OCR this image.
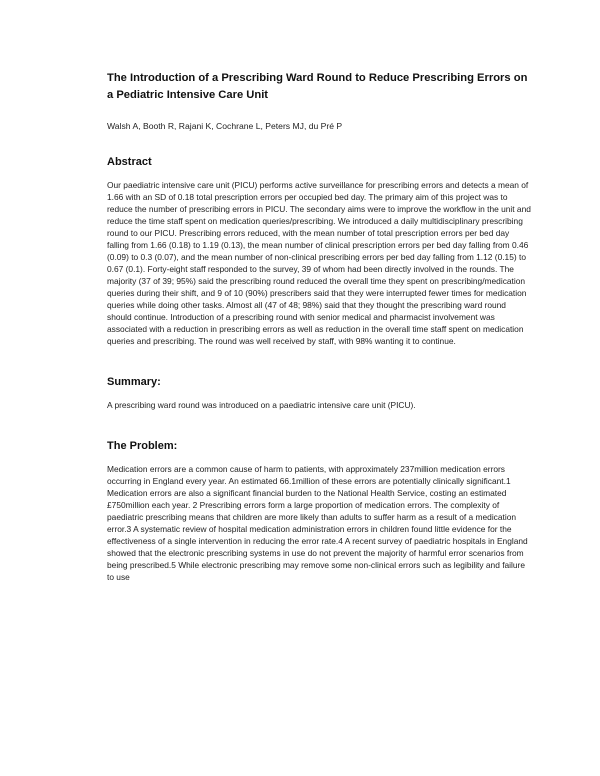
The Introduction of a Prescribing Ward Round to Reduce Prescribing Errors on a Pediatric Intensive Care Unit
Walsh A, Booth R, Rajani K, Cochrane L, Peters MJ, du Pré P
Abstract

Our paediatric intensive care unit (PICU) performs active surveillance for prescribing errors and detects a mean of 1.66 with an SD of 0.18 total prescription errors per occupied bed day. The primary aim of this project was to reduce the number of prescribing errors in PICU. The secondary aims were to improve the workflow in the unit and reduce the time staff spent on medication queries/prescribing. We introduced a daily multidisciplinary prescribing round to our PICU. Prescribing errors reduced, with the mean number of total prescription errors per bed day falling from 1.66 (0.18) to 1.19 (0.13), the mean number of clinical prescription errors per bed day falling from 0.46 (0.09) to 0.3 (0.07), and the mean number of non-clinical prescribing errors per bed day falling from 1.12 (0.15) to 0.67 (0.1). Forty-eight staff responded to the survey, 39 of whom had been directly involved in the rounds. The majority (37 of 39; 95%) said the prescribing round reduced the overall time they spent on prescribing/medication queries during their shift, and 9 of 10 (90%) prescribers said that they were interrupted fewer times for medication queries while doing other tasks. Almost all (47 of 48; 98%) said that they thought the prescribing ward round should continue. Introduction of a prescribing round with senior medical and pharmacist involvement was associated with a reduction in prescribing errors as well as reduction in the overall time staff spent on medication queries and prescribing. The round was well received by staff, with 98% wanting it to continue.

Summary:

A prescribing ward round was introduced on a paediatric intensive care unit (PICU).

The Problem:

Medication errors are a common cause of harm to patients, with approximately 237million medication errors occurring in England every year. An estimated 66.1million of these errors are potentially clinically significant.1 Medication errors are also a significant financial burden to the National Health Service, costing an estimated £750million each year. 2 Prescribing errors form a large proportion of medication errors. The complexity of paediatric prescribing means that children are more likely than adults to suffer harm as a result of a medication error.3 A systematic review of hospital medication administration errors in children found little evidence for the effectiveness of a single intervention in reducing the error rate.4 A recent survey of paediatric hospitals in England showed that the electronic prescribing systems in use do not prevent the majority of harmful error scenarios from being prescribed.5 While electronic prescribing may remove some non-clinical errors such as legibility and failure to use
